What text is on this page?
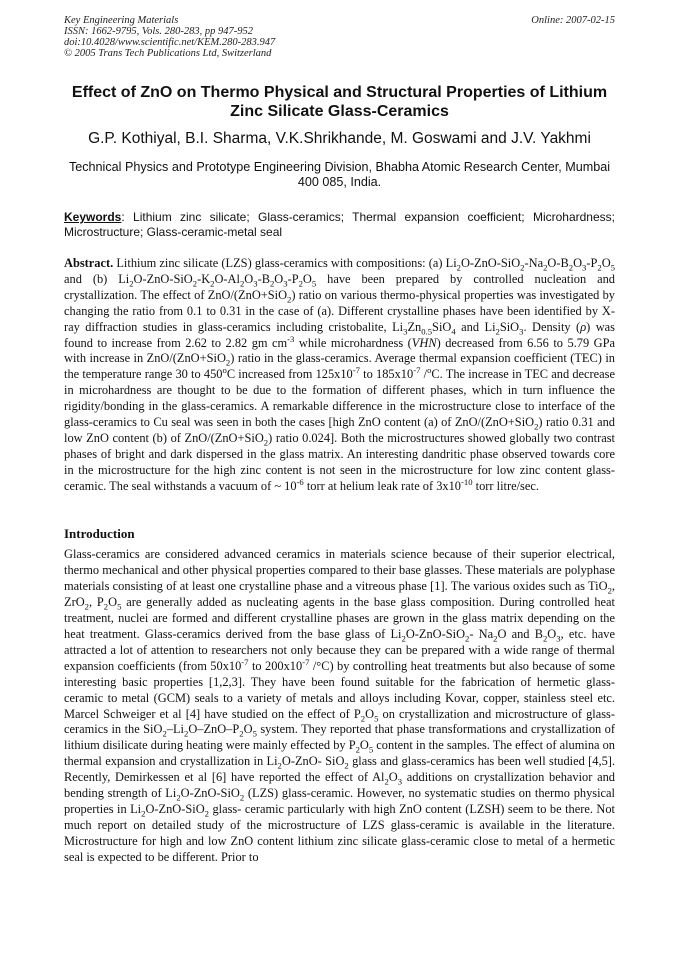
Key Engineering Materials
ISSN: 1662-9795, Vols. 280-283, pp 947-952
doi:10.4028/www.scientific.net/KEM.280-283.947
© 2005 Trans Tech Publications Ltd, Switzerland
Online: 2007-02-15
Effect of ZnO on Thermo Physical and Structural Properties of Lithium Zinc Silicate Glass-Ceramics

G.P. Kothiyal, B.I. Sharma, V.K.Shrikhande, M. Goswami and J.V. Yakhmi

Technical Physics and Prototype Engineering Division, Bhabha Atomic Research Center, Mumbai 400 085, India.

Keywords: Lithium zinc silicate; Glass-ceramics; Thermal expansion coefficient; Microhardness; Microstructure; Glass-ceramic-metal seal

Abstract. Lithium zinc silicate (LZS) glass-ceramics with compositions: (a) $Li_2O-ZnO-SiO_2-Na_2O-B_2O_3-P_2O_5$ and (b) $Li_2O-ZnO-SiO_2-K_2O-Al_2O_3-B_2O_3-P_2O_5$ have been prepared by controlled nucleation and crystallization. The effect of ZnO/(ZnO+SiO$_2$) ratio on various thermo-physical properties was investigated by changing the ratio from 0.1 to 0.31 in the case of (a). Different crystalline phases have been identified by X-ray diffraction studies in glass-ceramics including cristobalite, $Li_3Zn_{0.5}SiO_4$ and $Li_2SiO_3$. Density (ρ) was found to increase from 2.62 to 2.82 gm $cm^{-3}$ while microhardness (VHN) decreased from 6.56 to 5.79 GPa with increase in ZnO/(ZnO+SiO$_2$) ratio in the glass-ceramics. Average thermal expansion coefficient (TEC) in the temperature range 30 to 450$^o$C increased from $125x10^{-7}$ to $185x10^{-7}$ /$^o$C. The increase in TEC and decrease in microhardness are thought to be due to the formation of different phases, which in turn influence the rigidity/bonding in the glass-ceramics. A remarkable difference in the microstructure close to interface of the glass-ceramics to Cu seal was seen in both the cases [high ZnO content (a) of ZnO/(ZnO+SiO$_2$) ratio 0.31 and low ZnO content (b) of ZnO/(ZnO+SiO$_2$) ratio 0.024]. Both the microstructures showed globally two contrast phases of bright and dark dispersed in the glass matrix. An interesting dandritic phase observed towards core in the microstructure for the high zinc content is not seen in the microstructure for low zinc content glass-ceramic. The seal withstands a vacuum of ~ $10^{-6}$ torr at helium leak rate of $3x10^{-10}$ torr litre/sec.

Introduction

Glass-ceramics are considered advanced ceramics in materials science because of their superior electrical, thermo mechanical and other physical properties compared to their base glasses. These materials are polyphase materials consisting of at least one crystalline phase and a vitreous phase [1]. The various oxides such as TiO$_2$, ZrO$_2$, $P_2O_5$ are generally added as nucleating agents in the base glass composition. During controlled heat treatment, nuclei are formed and different crystalline phases are grown in the glass matrix depending on the heat treatment. Glass-ceramics derived from the base glass of $Li_2O-ZnO-SiO_2-$ $Na_2O$ and $B_2O_3$, etc. have attracted a lot of attention to researchers not only because they can be prepared with a wide range of thermal expansion coefficients (from $50x10^{-7}$ to $200x10^{-7}$ /°C) by controlling heat treatments but also because of some interesting basic properties [1,2,3]. They have been found suitable for the fabrication of hermetic glass-ceramic to metal (GCM) seals to a variety of metals and alloys including Kovar, copper, stainless steel etc. Marcel Schweiger et al [4] have studied on the effect of $P_2O_5$ on crystallization and microstructure of glass-ceramics in the $SiO_2-Li_2O-ZnO-P_2O_5$ system. They reported that phase transformations and crystallization of lithium disilicate during heating were mainly effected by $P_2O_5$ content in the samples. The effect of alumina on thermal expansion and crystallization in $Li_2O-ZnO-$ SiO$_2$ glass and glass-ceramics has been well studied [4,5]. Recently, Demirkessen et al [6] have reported the effect of $Al_2O_3$ additions on crystallization behavior and bending strength of $Li_2O-ZnO-SiO_2$ (LZS) glass-ceramic. However, no systematic studies on thermo physical properties in $Li_2O-ZnO-SiO_2$ glass- ceramic particularly with high ZnO content (LZSH) seem to be there. Not much report on detailed study of the microstructure of LZS glass-ceramic is available in the literature. Microstructure for high and low ZnO content lithium zinc silicate glass-ceramic close to metal of a hermetic seal is expected to be different. Prior to
